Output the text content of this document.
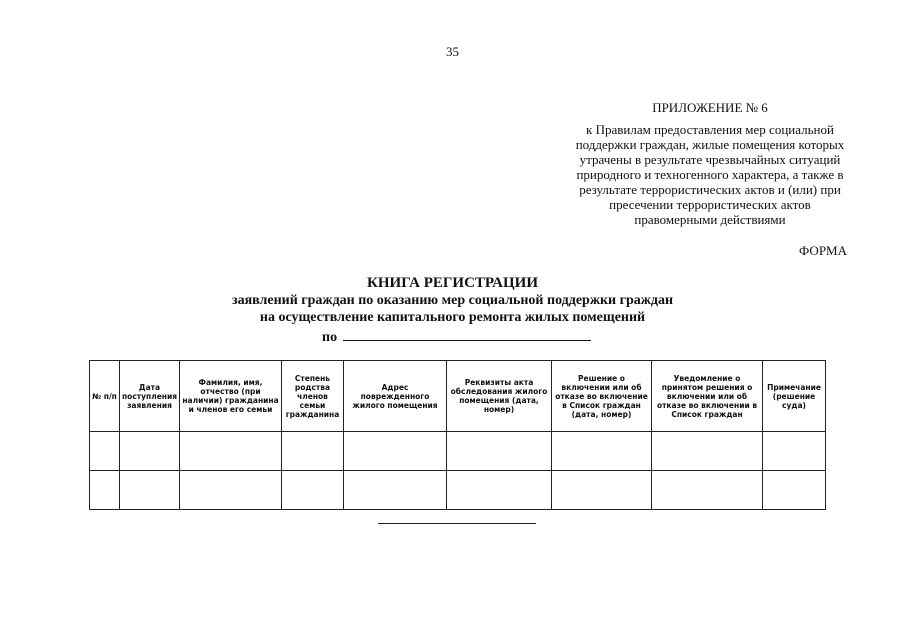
35
ПРИЛОЖЕНИЕ № 6
к Правилам предоставления мер социальной
поддержки граждан, жилые помещения которых
утрачены в результате чрезвычайных ситуаций
природного и техногенного характера, а также в
результате террористических актов и (или) при
пресечении террористических актов
правомерными действиями
ФОРМА
КНИГА РЕГИСТРАЦИИ
заявлений граждан по оказанию мер социальной поддержки граждан
на осуществление капитального ремонта жилых помещений
по
№ п/п	Дата поступления заявления	Фамилия, имя, отчество (при наличии) гражданина и членов его семьи	Степень родства членов семьи гражданина	Адрес поврежденного жилого помещения	Реквизиты акта обследования жилого помещения (дата, номер)	Решение о включении или об отказе во включение в Список граждан (дата, номер)	Уведомление о принятом решения о включении или об отказе во включении в Список граждан	Примечание (решение суда)
